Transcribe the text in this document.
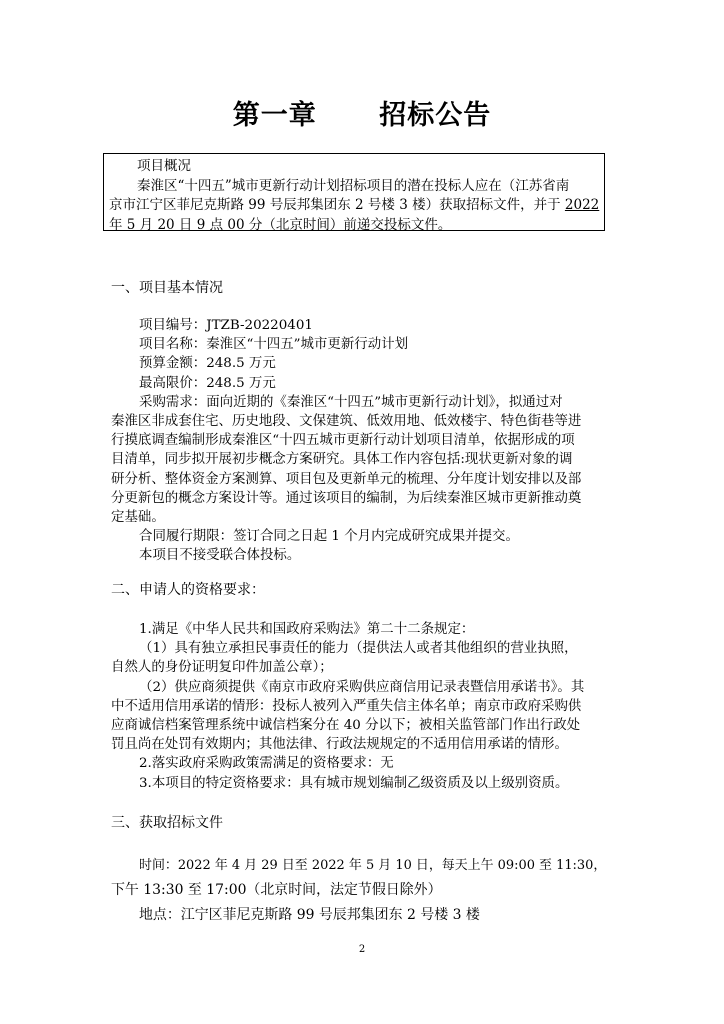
第一章      招标公告
项目概况
秦淮区“十四五”城市更新行动计划招标项目的潜在投标人应在（江苏省南
京市江宁区菲尼克斯路 99 号辰邦集团东 2 号楼 3 楼）获取招标文件，并于 2022
年 5 月 20 日 9 点 00 分（北京时间）前递交投标文件。
一、项目基本情况
项目编号：JTZB-20220401
项目名称：秦淮区“十四五”城市更新行动计划
预算金额：248.5 万元
最高限价：248.5 万元
采购需求：面向近期的《秦淮区“十四五”城市更新行动计划》，拟通过对
秦淮区非成套住宅、历史地段、文保建筑、低效用地、低效楼宇、特色街巷等进
行摸底调查编制形成秦淮区“十四五城市更新行动计划项目清单，依据形成的项
目清单，同步拟开展初步概念方案研究。具体工作内容包括:现状更新对象的调
研分析、整体资金方案测算、项目包及更新单元的梳理、分年度计划安排以及部
分更新包的概念方案设计等。通过该项目的编制，为后续秦淮区城市更新推动奠
定基础。
合同履行期限：签订合同之日起 1 个月内完成研究成果并提交。
本项目不接受联合体投标。
二、申请人的资格要求：
1.满足《中华人民共和国政府采购法》第二十二条规定：
（1）具有独立承担民事责任的能力（提供法人或者其他组织的营业执照，
自然人的身份证明复印件加盖公章）；
（2）供应商须提供《南京市政府采购供应商信用记录表暨信用承诺书》。其
中不适用信用承诺的情形：投标人被列入严重失信主体名单；南京市政府采购供
应商诚信档案管理系统中诚信档案分在 40 分以下；被相关监管部门作出行政处
罚且尚在处罚有效期内；其他法律、行政法规规定的不适用信用承诺的情形。
2.落实政府采购政策需满足的资格要求：无
3.本项目的特定资格要求：具有城市规划编制乙级资质及以上级别资质。
三、获取招标文件
时间：2022 年 4 月 29 日至 2022 年 5 月 10 日，每天上午 09:00 至 11:30，
下午 13:30 至 17:00（北京时间，法定节假日除外）
地点：江宁区菲尼克斯路 99 号辰邦集团东 2 号楼 3 楼
2
